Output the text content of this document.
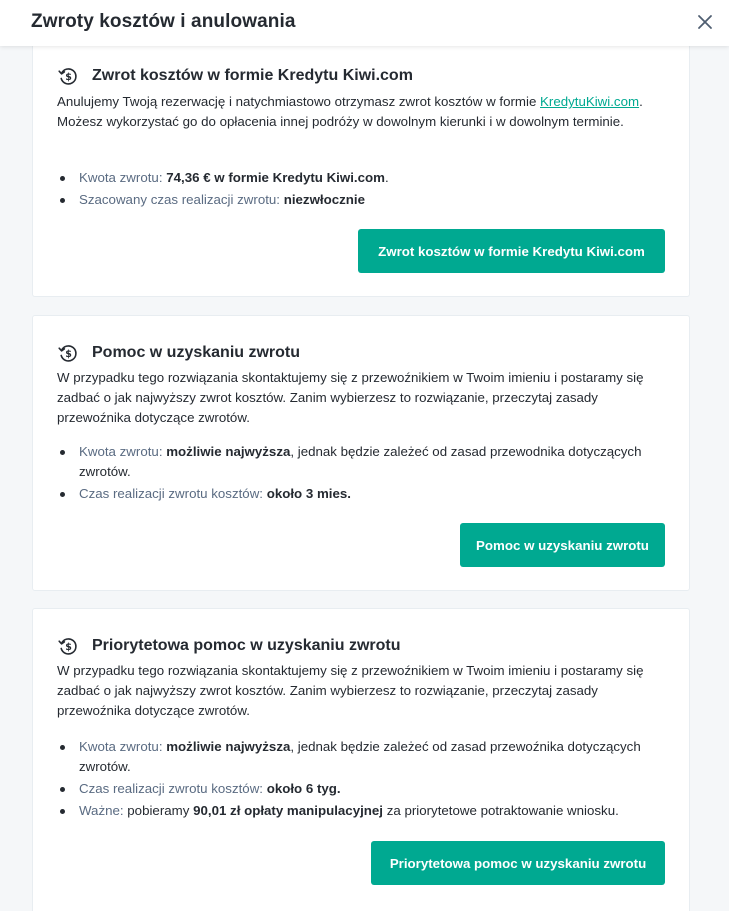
Zwroty kosztów i anulowania
$ Zwrot kosztów w formie Kredytu Kiwi.com
Anulujemy Twoją rezerwację i natychmiastowo otrzymasz zwrot kosztów w formie KredytuKiwi.com. Możesz wykorzystać go do opłacenia innej podróży w dowolnym kierunki i w dowolnym terminie.
Kwota zwrotu: 74,36 € w formie Kredytu Kiwi.com.
Szacowany czas realizacji zwrotu: niezwłocznie
Zwrot kosztów w formie Kredytu Kiwi.com
$ Pomoc w uzyskaniu zwrotu
W przypadku tego rozwiązania skontaktujemy się z przewoźnikiem w Twoim imieniu i postaramy się zadbać o jak najwyższy zwrot kosztów. Zanim wybierzesz to rozwiązanie, przeczytaj zasady przewoźnika dotyczące zwrotów.
Kwota zwrotu: możliwie najwyższa, jednak będzie zależeć od zasad przewodnika dotyczących zwrotów.
Czas realizacji zwrotu kosztów: około 3 mies.
Pomoc w uzyskaniu zwrotu
$ Priorytetowa pomoc w uzyskaniu zwrotu
W przypadku tego rozwiązania skontaktujemy się z przewoźnikiem w Twoim imieniu i postaramy się zadbać o jak najwyższy zwrot kosztów. Zanim wybierzesz to rozwiązanie, przeczytaj zasady przewoźnika dotyczące zwrotów.
Kwota zwrotu: możliwie najwyższa, jednak będzie zależeć od zasad przewoźnika dotyczących zwrotów.
Czas realizacji zwrotu kosztów: około 6 tyg.
Ważne: pobieramy 90,01 zł opłaty manipulacyjnej za priorytetowe potraktowanie wniosku.
Priorytetowa pomoc w uzyskaniu zwrotu
